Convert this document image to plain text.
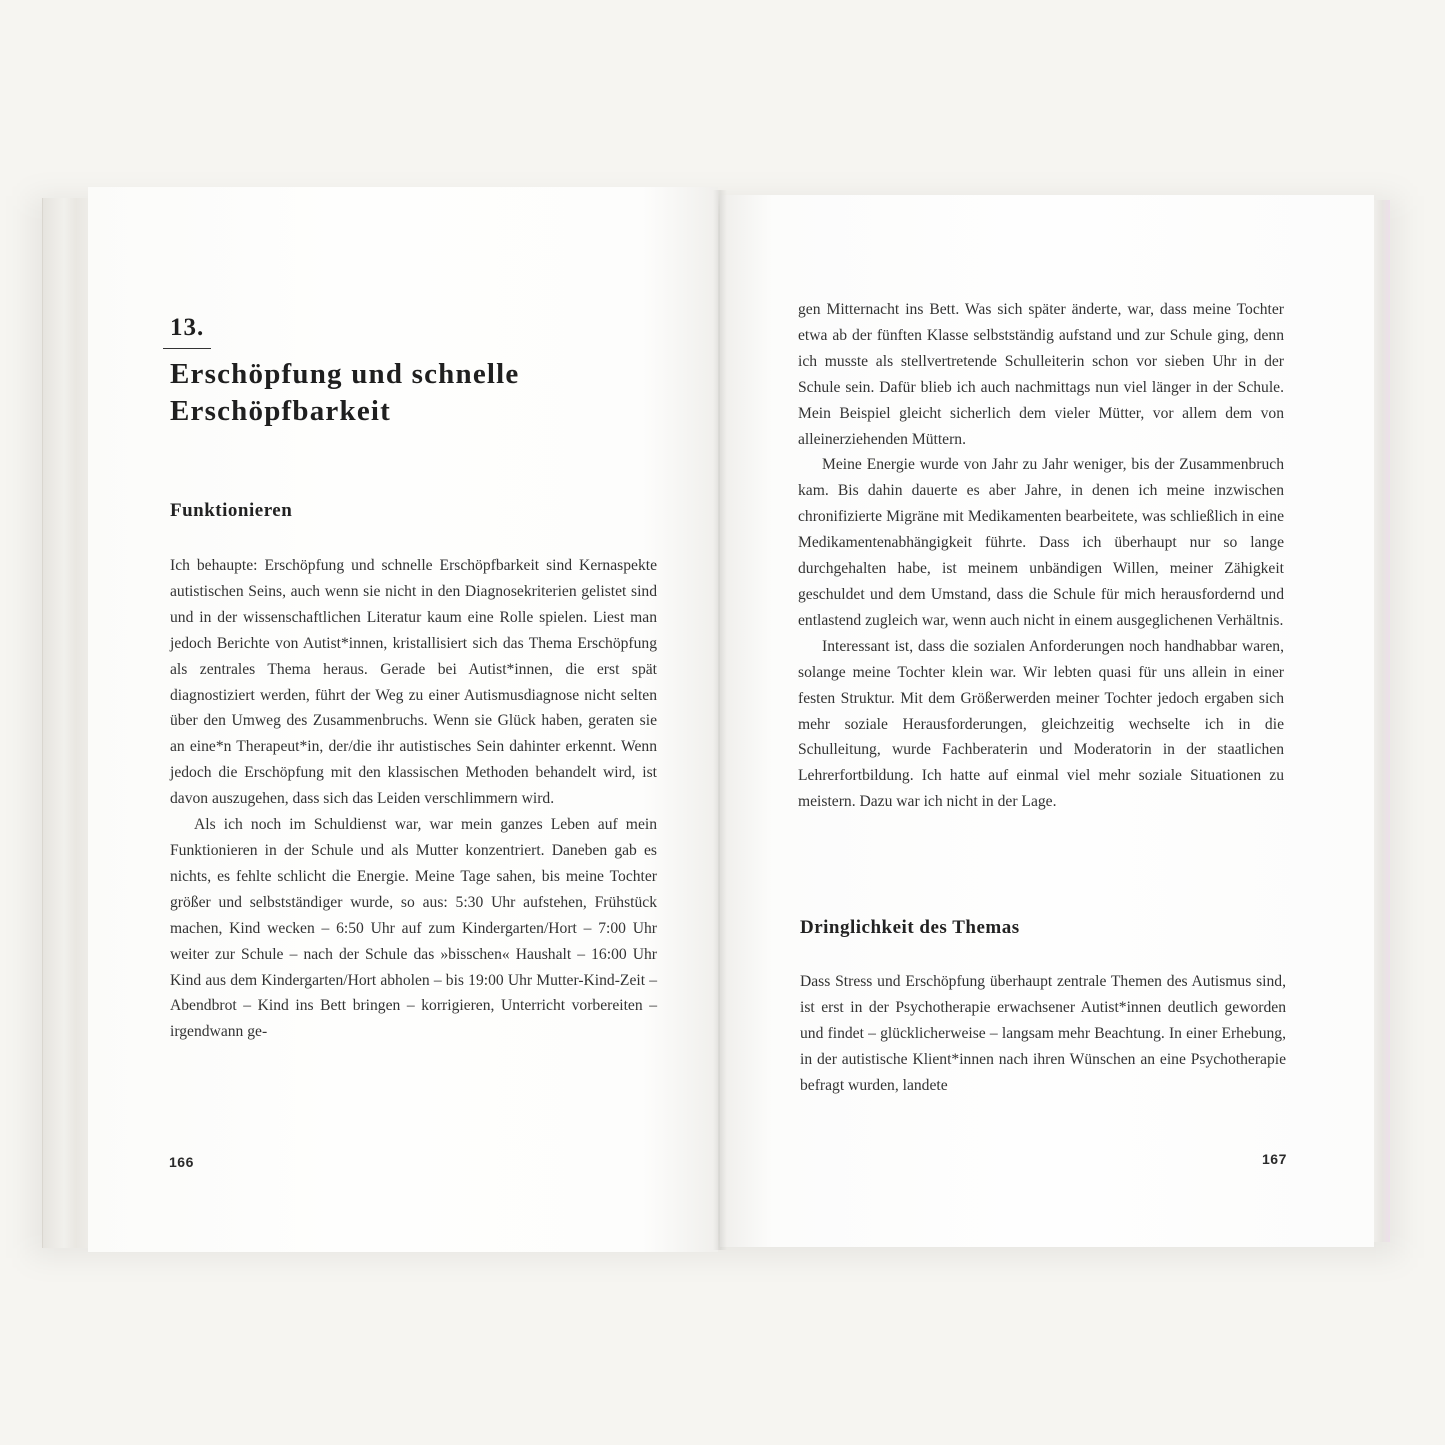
13.
Erschöpfung und schnelle Erschöpfbarkeit
Funktionieren

Ich behaupte: Erschöpfung und schnelle Erschöpfbarkeit sind Kernaspekte autistischen Seins, auch wenn sie nicht in den Diagnosekriterien gelistet sind und in der wissenschaftlichen Literatur kaum eine Rolle spielen. Liest man jedoch Berichte von Autist*innen, kristallisiert sich das Thema Erschöpfung als zentrales Thema heraus. Gerade bei Autist*innen, die erst spät diagnostiziert werden, führt der Weg zu einer Autismusdiagnose nicht selten über den Umweg des Zusammenbruchs. Wenn sie Glück haben, geraten sie an eine*n Therapeut*in, der/die ihr autistisches Sein dahinter erkennt. Wenn jedoch die Erschöpfung mit den klassischen Methoden behandelt wird, ist davon auszugehen, dass sich das Leiden verschlimmern wird.

Als ich noch im Schuldienst war, war mein ganzes Leben auf mein Funktionieren in der Schule und als Mutter konzentriert. Daneben gab es nichts, es fehlte schlicht die Energie. Meine Tage sahen, bis meine Tochter größer und selbstständiger wurde, so aus: 5:30 Uhr aufstehen, Frühstück machen, Kind wecken – 6:50 Uhr auf zum Kindergarten/Hort – 7:00 Uhr weiter zur Schule – nach der Schule das »bisschen« Haushalt – 16:00 Uhr Kind aus dem Kindergarten/Hort abholen – bis 19:00 Uhr Mutter-Kind-Zeit – Abendbrot – Kind ins Bett bringen – korrigieren, Unterricht vorbereiten – irgendwann ge-

166

gen Mitternacht ins Bett. Was sich später änderte, war, dass meine Tochter etwa ab der fünften Klasse selbstständig aufstand und zur Schule ging, denn ich musste als stellvertretende Schulleiterin schon vor sieben Uhr in der Schule sein. Dafür blieb ich auch nachmittags nun viel länger in der Schule. Mein Beispiel gleicht sicherlich dem vieler Mütter, vor allem dem von alleinerziehenden Müttern.

Meine Energie wurde von Jahr zu Jahr weniger, bis der Zusammenbruch kam. Bis dahin dauerte es aber Jahre, in denen ich meine inzwischen chronifizierte Migräne mit Medikamenten bearbeitete, was schließlich in eine Medikamentenabhängigkeit führte. Dass ich überhaupt nur so lange durchgehalten habe, ist meinem unbändigen Willen, meiner Zähigkeit geschuldet und dem Umstand, dass die Schule für mich herausfordernd und entlastend zugleich war, wenn auch nicht in einem ausgeglichenen Verhältnis.

Interessant ist, dass die sozialen Anforderungen noch handhabbar waren, solange meine Tochter klein war. Wir lebten quasi für uns allein in einer festen Struktur. Mit dem Größerwerden meiner Tochter jedoch ergaben sich mehr soziale Herausforderungen, gleichzeitig wechselte ich in die Schulleitung, wurde Fachberaterin und Moderatorin in der staatlichen Lehrerfortbildung. Ich hatte auf einmal viel mehr soziale Situationen zu meistern. Dazu war ich nicht in der Lage.

Dringlichkeit des Themas

Dass Stress und Erschöpfung überhaupt zentrale Themen des Autismus sind, ist erst in der Psychotherapie erwachsener Autist*innen deutlich geworden und findet – glücklicherweise – langsam mehr Beachtung. In einer Erhebung, in der autistische Klient*innen nach ihren Wünschen an eine Psychotherapie befragt wurden, landete

167
